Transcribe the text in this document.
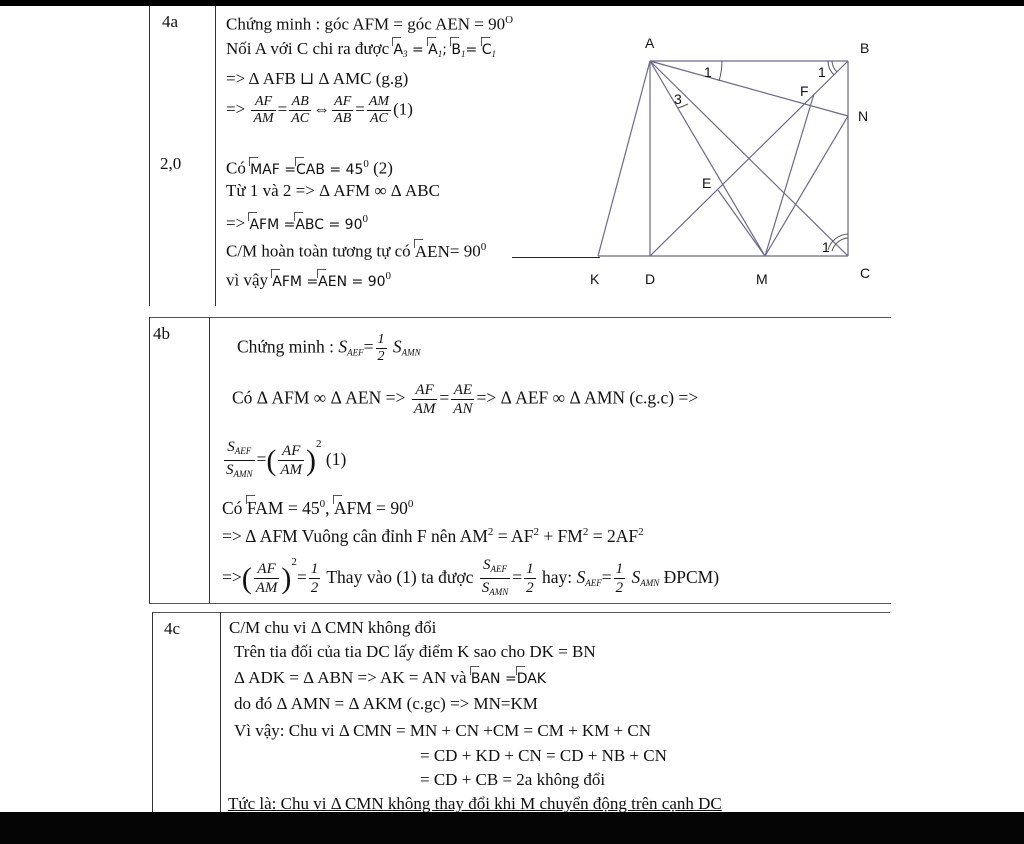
4a
2,0
Chứng minh : góc AFM = góc AEN = $90^O$
Nối A với C chi ra được $A_3 = A_1$; $B_1= C_1$
=> Δ AFB ⊔ Δ AMC (g.g)
=> $\frac{AF}{AM} = \frac{AB}{AC}$ ⇔ $\frac{AF}{AB} = \frac{AM}{AC} (1)$
Có MAF $=CAB = 45^0$ (2)
Từ 1 và 2 => Δ AFM ∞ Δ ABC
=> AFM $=ABC = 90^0$
C/M hoàn toàn tương tự có $AEN= 90^0$
vì vậy AFM $=AEN = 90^0$
A	B
N
F
E
C
K	D	M
1	1
3
1
4b
Chứng minh : $S_{AEF}= \frac{1}{2} S_{AMN}$
Có Δ AFM ∞ Δ AEN => $\frac{AF}{AM} = \frac{AE}{AN} => \Delta$ AEF ∞ Δ AMN (c.g.c) =>
$\frac{S_{AEF}}{S_{AMN}}$ =( $\frac{AF}{AM} )^2$ (1)
Có FAM = $45^0$, AFM = $90^0$
=> Δ AFM Vuông cân đỉnh F nên $AM^2 = AF^2 + FM^2 = 2AF^2$
=>( $\frac{AF}{AM} )^2= \frac{1}{2}$ Thay vào (1) ta được $\frac{S_{AEF}}{S_{AMN}} = \frac{1}{2}$ hay: $S_{AEF}= \frac{1}{2} S_{AMN}$ ĐPCM)
4c	C/M chu vi Δ CMN không đổi
Trên tia đối của tia DC lấy điểm K sao cho DK = BN
Δ ADK = Δ ABN => AK = AN và BAN =DAK
do đó Δ AMN = Δ AKM (c.gc) => MN=KM
Vì vậy: Chu vi Δ CMN = MN + CN +CM = CM + KM + CN
= CD + KD + CN = CD + NB + CN
= CD + CB = 2a không đổi
Tức là: Chu vi Δ CMN không thay đổi khi M chuyển động trên cạnh DC
